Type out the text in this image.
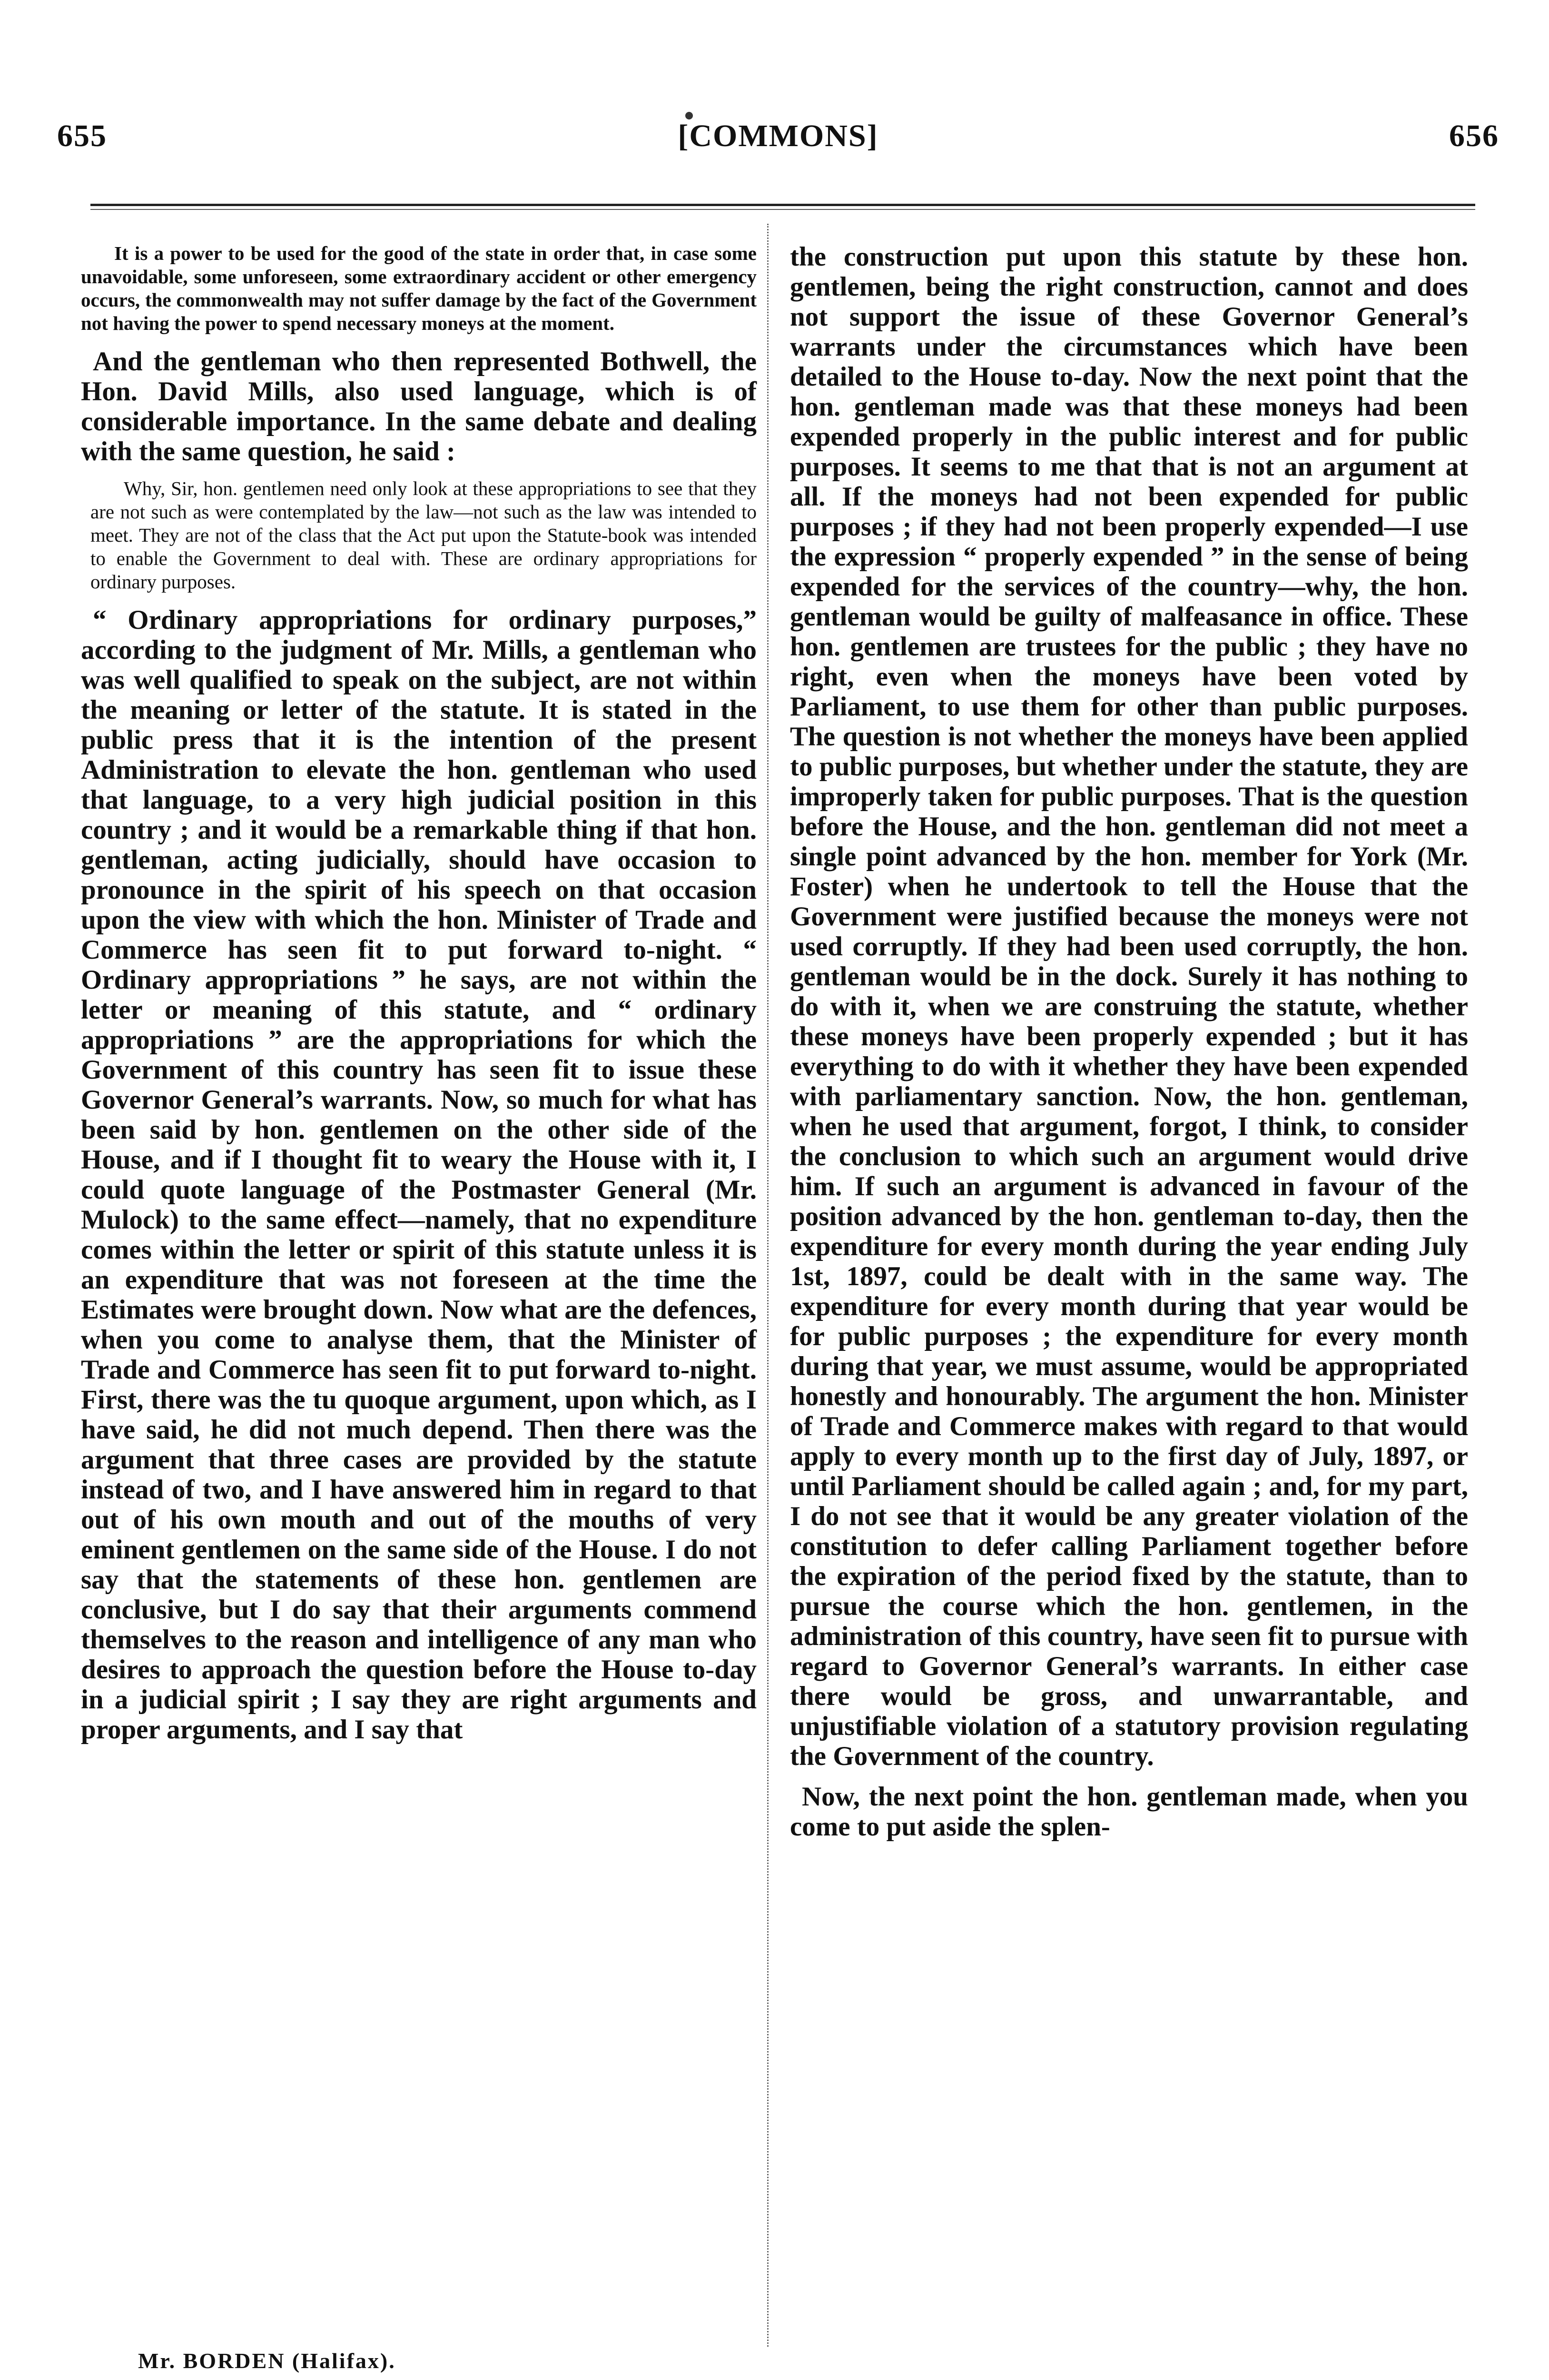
655	[COMMONS]	656

It is a power to be used for the good of the state in order that, in case some unavoidable, some unforeseen, some extraordinary accident or other emergency occurs, the commonwealth may not suffer damage by the fact of the Government not having the power to spend necessary moneys at the moment.

And the gentleman who then represented Bothwell, the Hon. David Mills, also used language, which is of considerable importance. In the same debate and dealing with the same question, he said :

Why, Sir, hon. gentlemen need only look at these appropriations to see that they are not such as were contemplated by the law—not such as the law was intended to meet. They are not of the class that the Act put upon the Statute-book was intended to enable the Government to deal with. These are ordinary appropriations for ordinary purposes.

“ Ordinary appropriations for ordinary purposes,” according to the judgment of Mr. Mills, a gentleman who was well qualified to speak on the subject, are not within the meaning or letter of the statute. It is stated in the public press that it is the intention of the present Administration to elevate the hon. gentleman who used that language, to a very high judicial position in this country ; and it would be a remarkable thing if that hon. gentleman, acting judicially, should have occasion to pronounce in the spirit of his speech on that occasion upon the view with which the hon. Minister of Trade and Commerce has seen fit to put forward to-night. “ Ordinary appropriations ” he says, are not within the letter or meaning of this statute, and “ ordinary appropriations ” are the appropriations for which the Government of this country has seen fit to issue these Governor General’s warrants. Now, so much for what has been said by hon. gentlemen on the other side of the House, and if I thought fit to weary the House with it, I could quote language of the Postmaster General (Mr. Mulock) to the same effect—namely, that no expenditure comes within the letter or spirit of this statute unless it is an expenditure that was not foreseen at the time the Estimates were brought down. Now what are the defences, when you come to analyse them, that the Minister of Trade and Commerce has seen fit to put forward to-night. First, there was the tu quoque argument, upon which, as I have said, he did not much depend. Then there was the argument that three cases are provided by the statute instead of two, and I have answered him in regard to that out of his own mouth and out of the mouths of very eminent gentlemen on the same side of the House. I do not say that the statements of these hon. gentlemen are conclusive, but I do say that their arguments commend themselves to the reason and intelligence of any man who desires to approach the question before the House to-day in a judicial spirit ; I say they are right arguments and proper arguments, and I say that

the construction put upon this statute by these hon. gentlemen, being the right construction, cannot and does not support the issue of these Governor General’s warrants under the circumstances which have been detailed to the House to-day. Now the next point that the hon. gentleman made was that these moneys had been expended properly in the public interest and for public purposes. It seems to me that that is not an argument at all. If the moneys had not been expended for public purposes ; if they had not been properly expended—I use the expression “ properly expended ” in the sense of being expended for the services of the country—why, the hon. gentleman would be guilty of malfeasance in office. These hon. gentlemen are trustees for the public ; they have no right, even when the moneys have been voted by Parliament, to use them for other than public purposes. The question is not whether the moneys have been applied to public purposes, but whether under the statute, they are improperly taken for public purposes. That is the question before the House, and the hon. gentleman did not meet a single point advanced by the hon. member for York (Mr. Foster) when he undertook to tell the House that the Government were justified because the moneys were not used corruptly. If they had been used corruptly, the hon. gentleman would be in the dock. Surely it has nothing to do with it, when we are construing the statute, whether these moneys have been properly expended ; but it has everything to do with it whether they have been expended with parliamentary sanction. Now, the hon. gentleman, when he used that argument, forgot, I think, to consider the conclusion to which such an argument would drive him. If such an argument is advanced in favour of the position advanced by the hon. gentleman to-day, then the expenditure for every month during the year ending July 1st, 1897, could be dealt with in the same way. The expenditure for every month during that year would be for public purposes ; the expenditure for every month during that year, we must assume, would be appropriated honestly and honourably. The argument the hon. Minister of Trade and Commerce makes with regard to that would apply to every month up to the first day of July, 1897, or until Parliament should be called again ; and, for my part, I do not see that it would be any greater violation of the constitution to defer calling Parliament together before the expiration of the period fixed by the statute, than to pursue the course which the hon. gentlemen, in the administration of this country, have seen fit to pursue with regard to Governor General’s warrants. In either case there would be gross, and unwarrantable, and unjustifiable violation of a statutory provision regulating the Government of the country.

Now, the next point the hon. gentleman made, when you come to put aside the splen-

Mr. BORDEN (Halifax).
